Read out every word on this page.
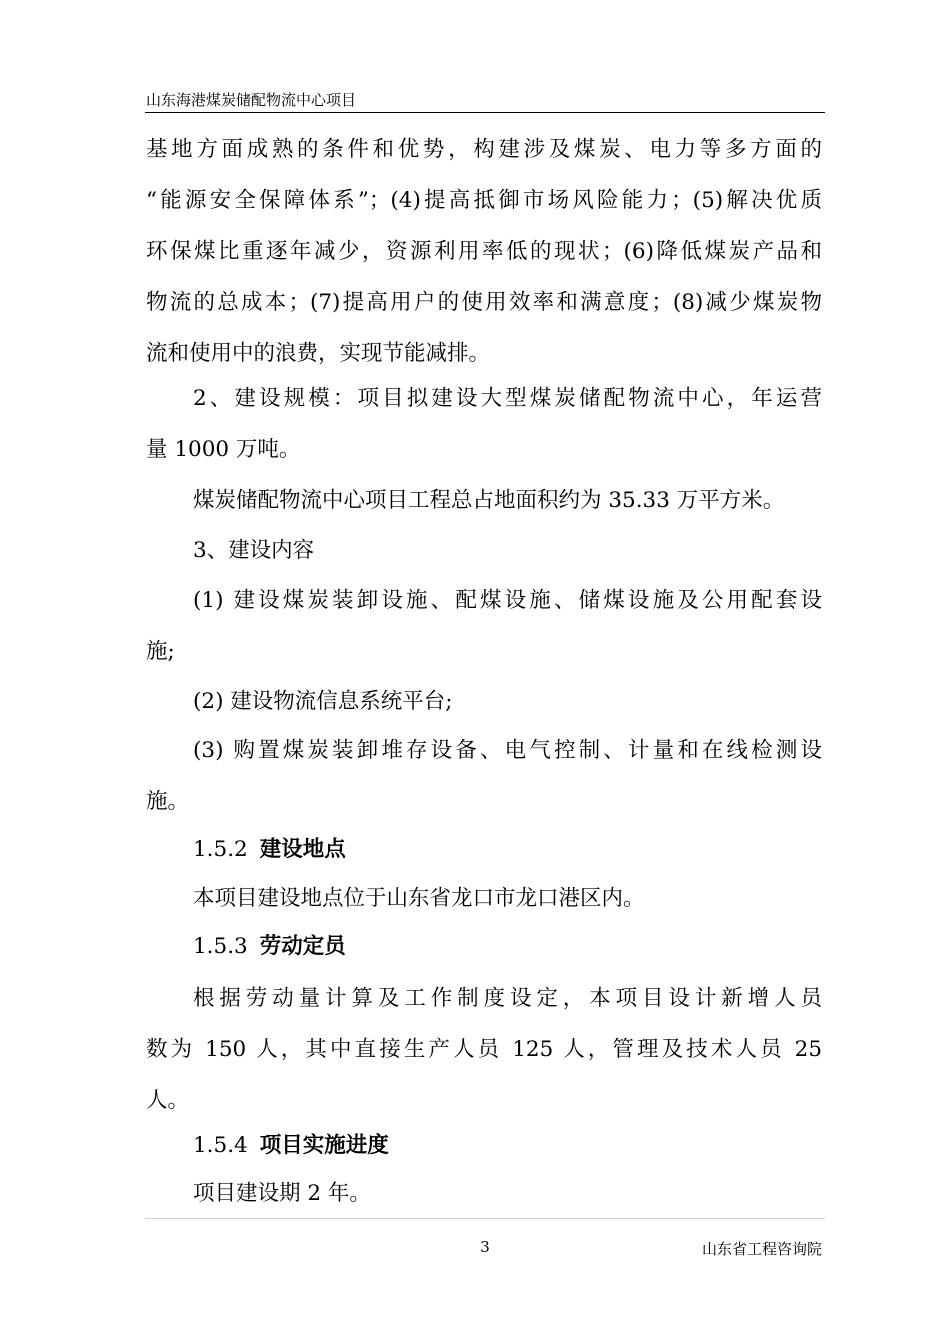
山东海港煤炭储配物流中心项目
基地方面成熟的条件和优势，构建涉及煤炭、电力等多方面的
“能源安全保障体系”；(4)提高抵御市场风险能力；(5)解决优质
环保煤比重逐年减少，资源利用率低的现状；(6)降低煤炭产品和
物流的总成本；(7)提高用户的使用效率和满意度；(8)减少煤炭物
流和使用中的浪费，实现节能减排。
2、建设规模：项目拟建设大型煤炭储配物流中心，年运营
量 1000 万吨。
煤炭储配物流中心项目工程总占地面积约为 35.33 万平方米。
3、建设内容
(1) 建设煤炭装卸设施、配煤设施、储煤设施及公用配套设
施;
(2) 建设物流信息系统平台;
(3) 购置煤炭装卸堆存设备、电气控制、计量和在线检测设
施。
1.5.2 建设地点
本项目建设地点位于山东省龙口市龙口港区内。
1.5.3 劳动定员
根据劳动量计算及工作制度设定，本项目设计新增人员
数为 150 人，其中直接生产人员 125 人，管理及技术人员 25
人。
1.5.4 项目实施进度
项目建设期 2 年。
3	山东省工程咨询院
